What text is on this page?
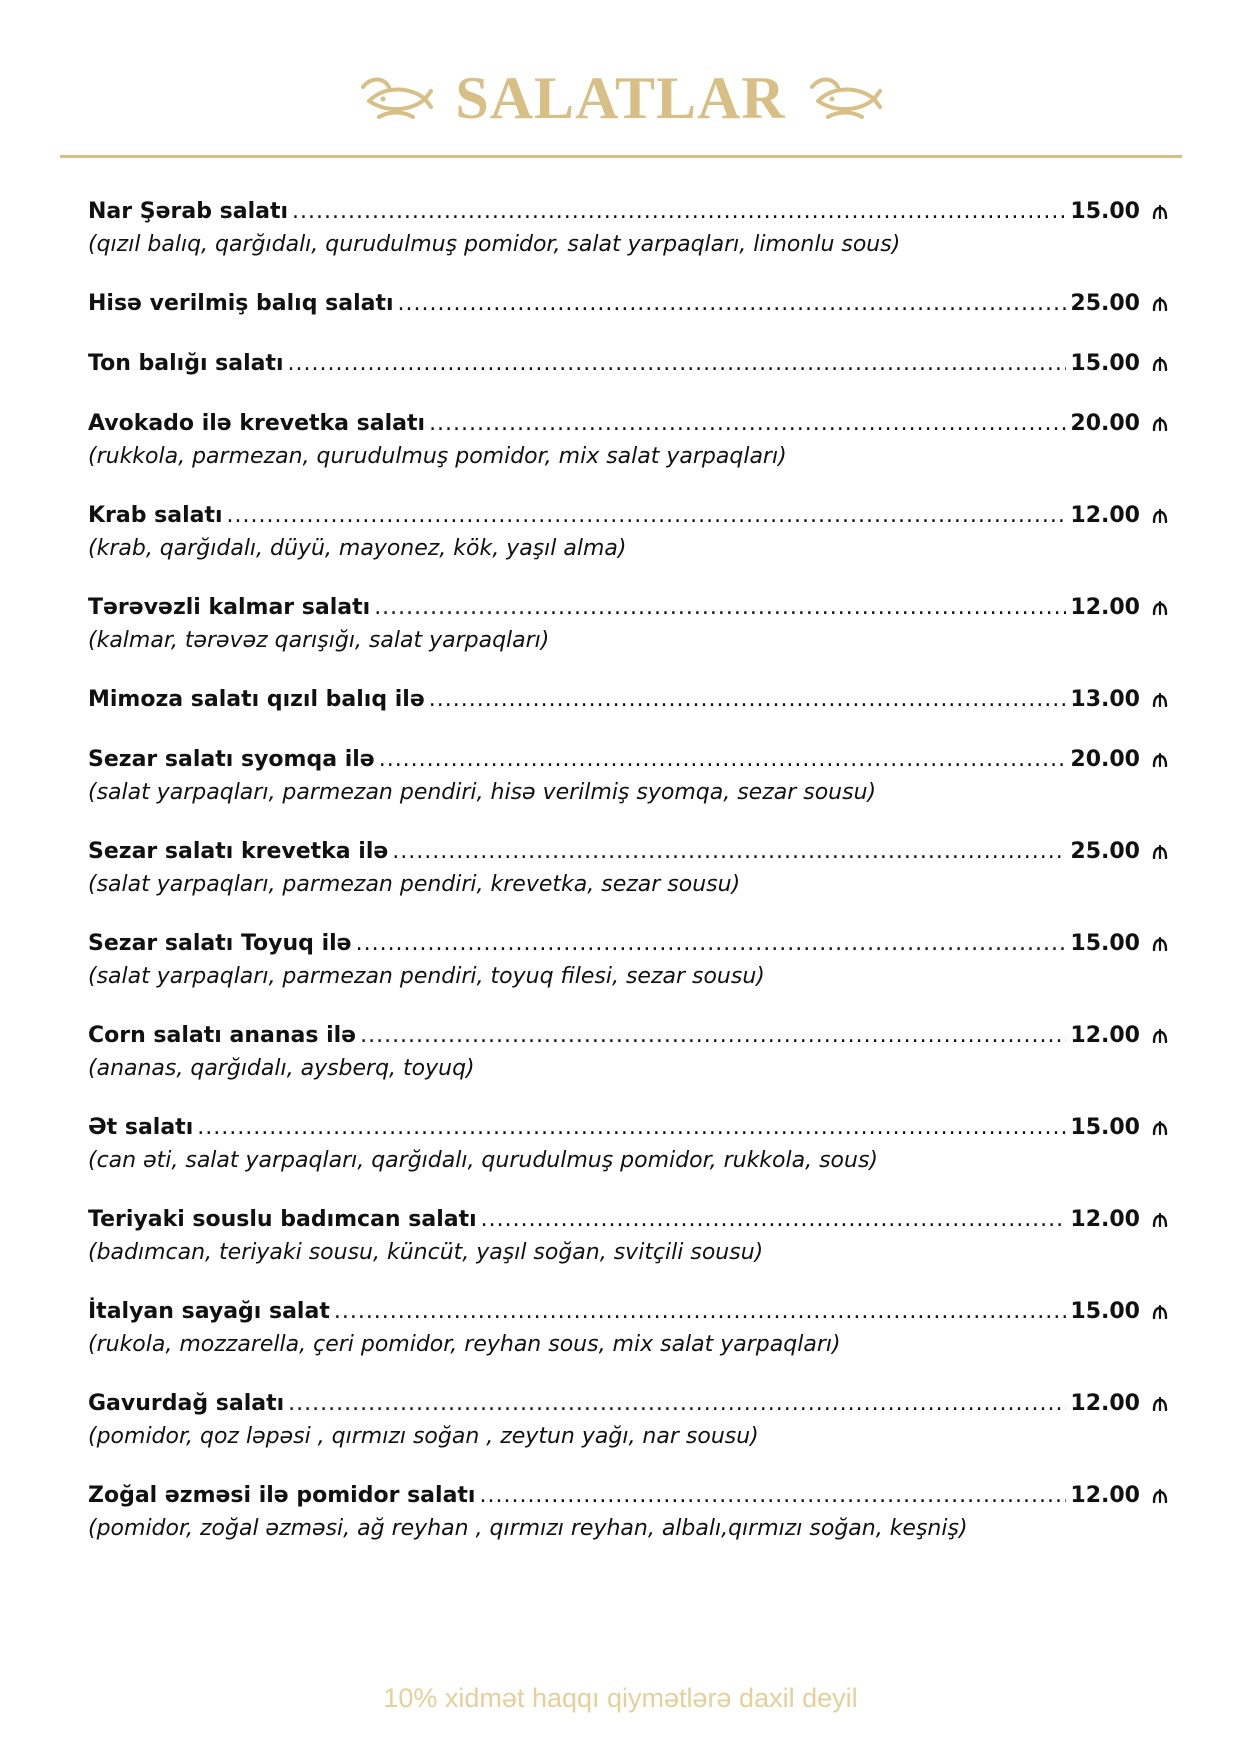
SALATLAR
Nar Şərab salatı .....	15.00
(qızıl balıq, qarğıdalı, qurudulmuş pomidor, salat yarpaqları, limonlu sous)
Hisə verilmiş balıq salatı .....	25.00
Ton balığı salatı .....	15.00
Avokado ilə krevetka salatı .....	20.00
(rukkola, parmezan, qurudulmuş pomidor, mix salat yarpaqları)
Krab salatı .....	12.00
(krab, qarğıdalı, düyü, mayonez, kök, yaşıl alma)
Tərəvəzli kalmar salatı .....	12.00
(kalmar, tərəvəz qarışığı, salat yarpaqları)
Mimoza salatı qızıl balıq ilə .....	13.00
Sezar salatı syomqa ilə .....	20.00
(salat yarpaqları, parmezan pendiri, hisə verilmiş syomqa, sezar sousu)
Sezar salatı krevetka ilə .....	25.00
(salat yarpaqları, parmezan pendiri, krevetka, sezar sousu)
Sezar salatı Toyuq ilə .....	15.00
(salat yarpaqları, parmezan pendiri, toyuq filesi, sezar sousu)
Corn salatı ananas ilə .....	12.00
(ananas, qarğıdalı, aysberq, toyuq)
Ət salatı .....	15.00
(can əti, salat yarpaqları, qarğıdalı, qurudulmuş pomidor, rukkola, sous)
Teriyaki souslu badımcan salatı .....	12.00
(badımcan, teriyaki sousu, küncüt, yaşıl soğan, svitçili sousu)
İtalyan sayağı salat .....	15.00
(rukola, mozzarella, çeri pomidor, reyhan sous, mix salat yarpaqları)
Gavurdağ salatı .....	12.00
(pomidor, qoz ləpəsi , qırmızı soğan , zeytun yağı, nar sousu)
Zoğal əzməsi ilə pomidor salatı .....	12.00
(pomidor, zoğal əzməsi, ağ reyhan , qırmızı reyhan, albalı,qırmızı soğan, keşniş)
10% xidmət haqqı qiymətlərə daxil deyil
